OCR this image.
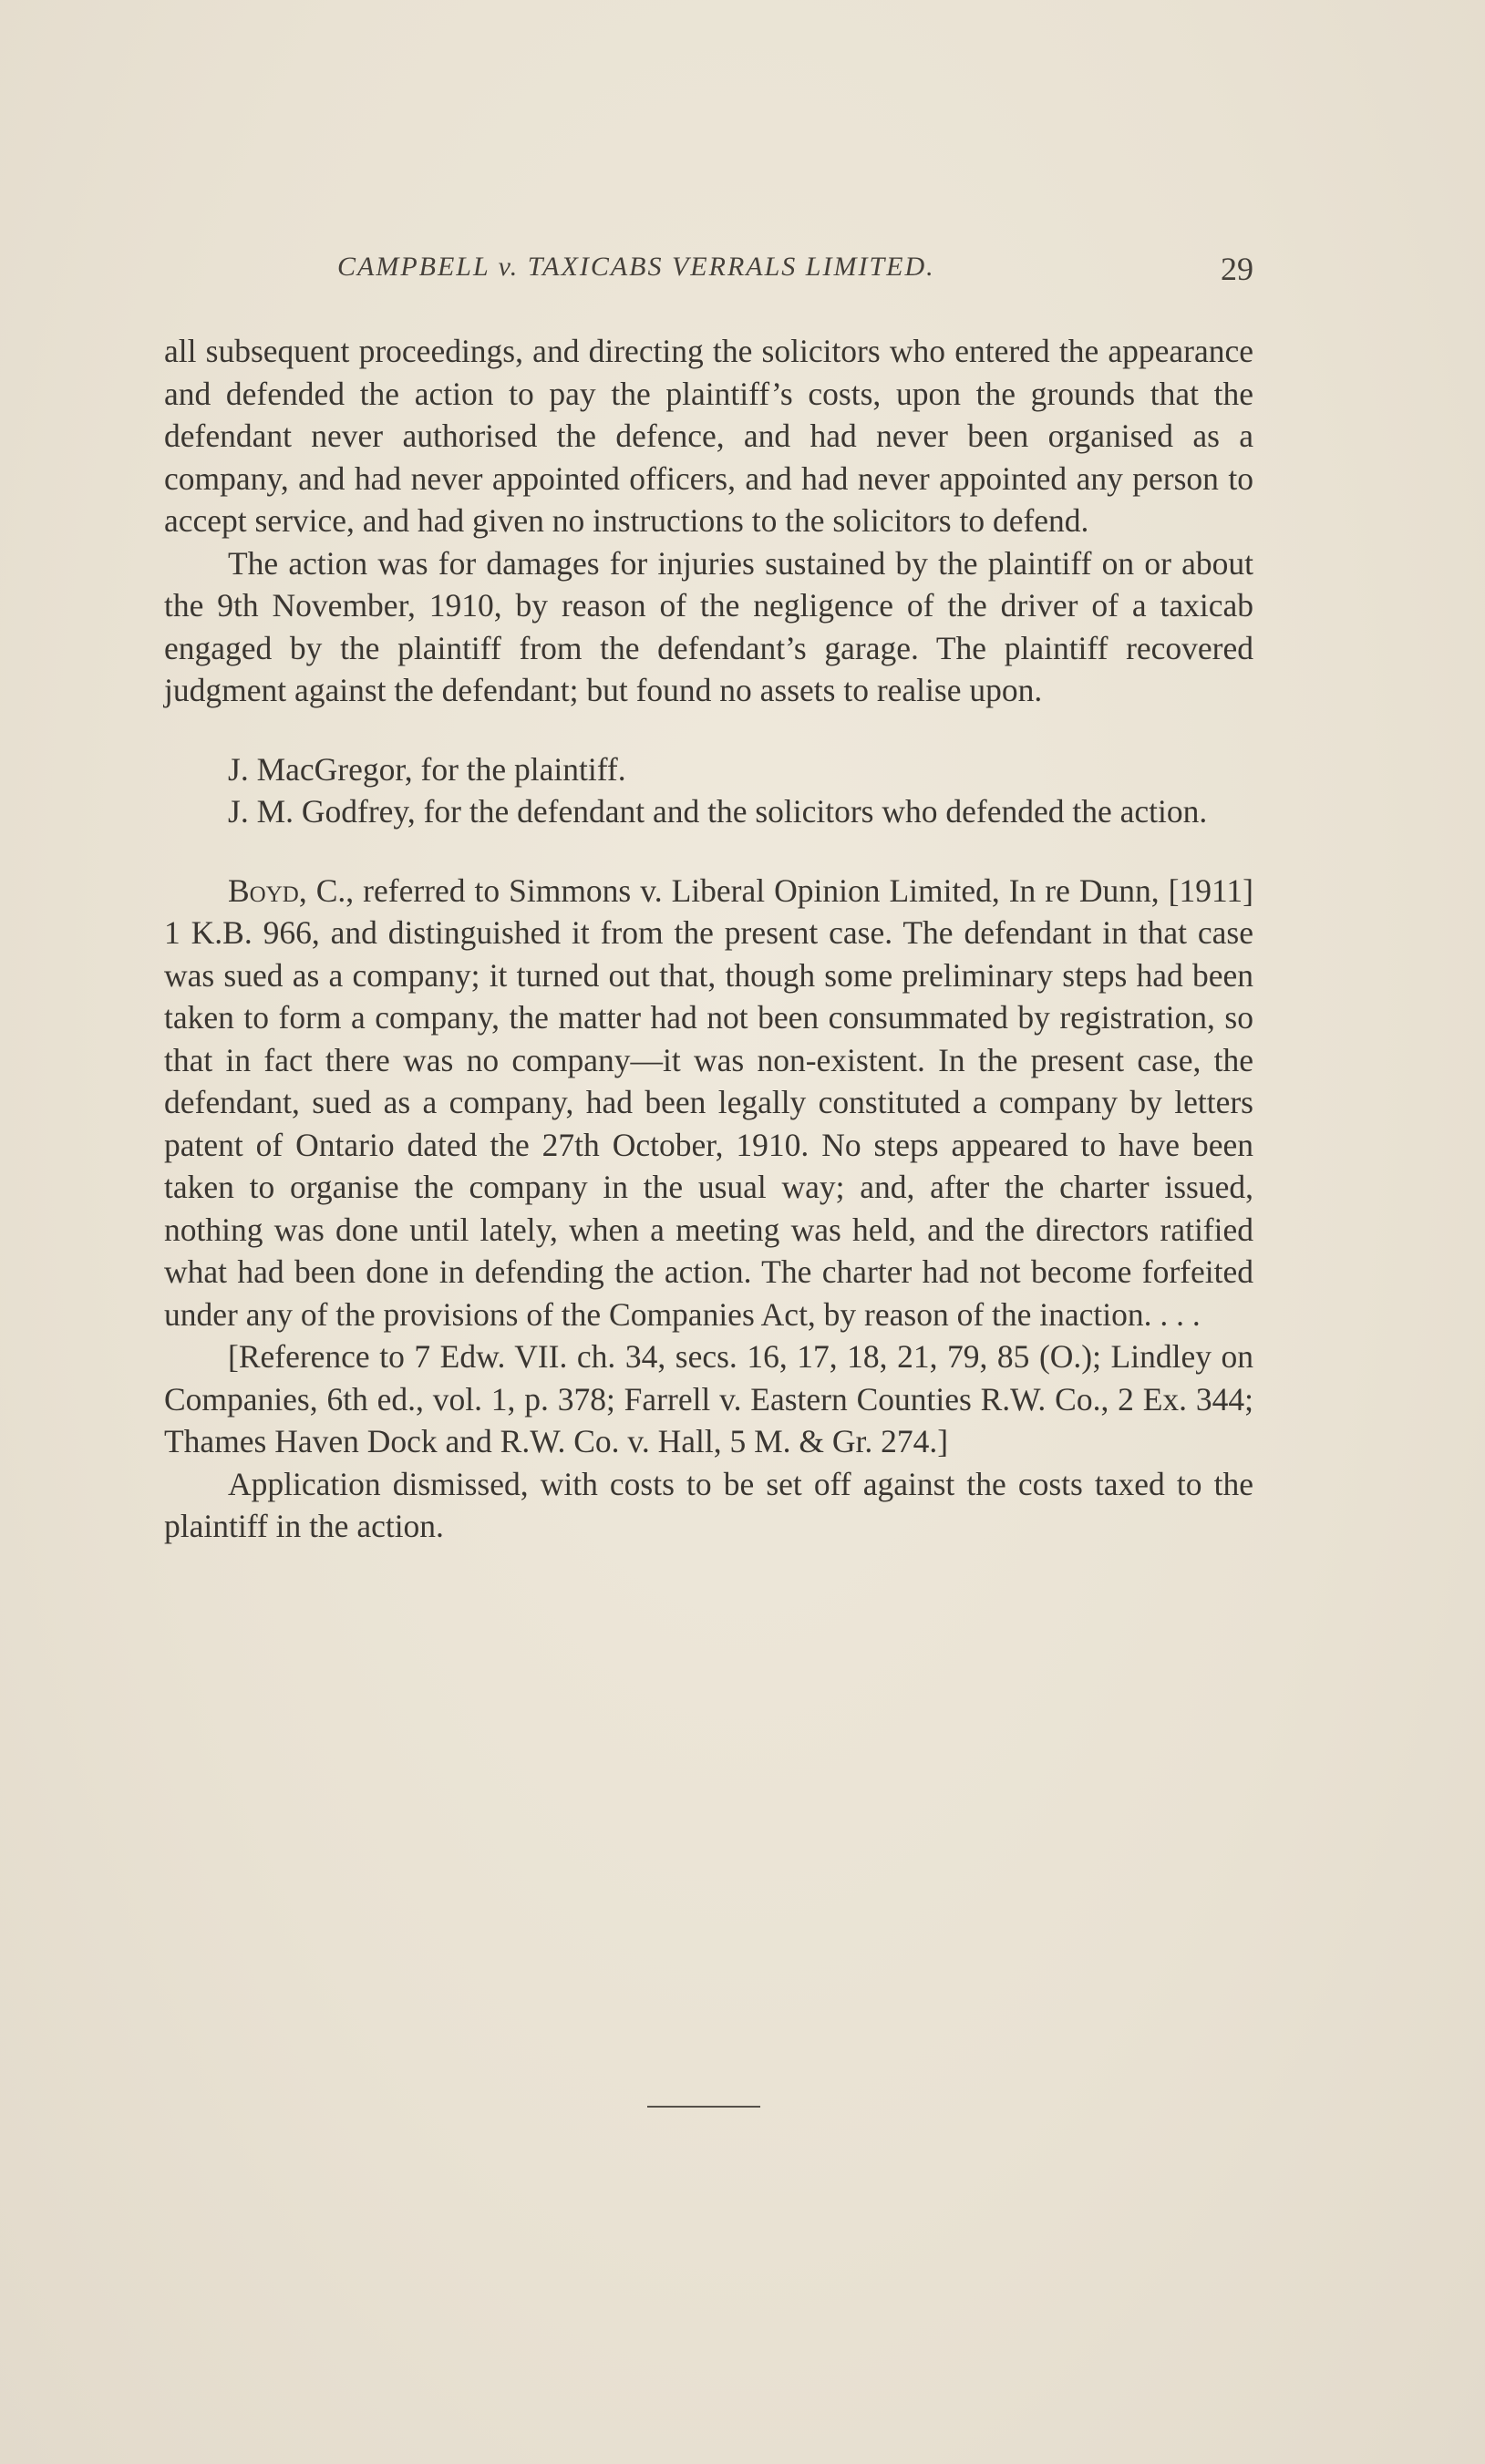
CAMPBELL v. TAXICABS VERRALS LIMITED.	29

all subsequent proceedings, and directing the solicitors who entered the appearance and defended the action to pay the plaintiff’s costs, upon the grounds that the defendant never authorised the defence, and had never been organised as a company, and had never appointed officers, and had never appointed any person to accept service, and had given no instructions to the solicitors to defend.

The action was for damages for injuries sustained by the plaintiff on or about the 9th November, 1910, by reason of the negligence of the driver of a taxicab engaged by the plaintiff from the defendant’s garage. The plaintiff recovered judgment against the defendant; but found no assets to realise upon.

J. MacGregor, for the plaintiff.

J. M. Godfrey, for the defendant and the solicitors who defended the action.

Boyd, C., referred to Simmons v. Liberal Opinion Limited, In re Dunn, [1911] 1 K.B. 966, and distinguished it from the present case. The defendant in that case was sued as a company; it turned out that, though some preliminary steps had been taken to form a company, the matter had not been consummated by registration, so that in fact there was no company—it was non-existent. In the present case, the defendant, sued as a company, had been legally constituted a company by letters patent of Ontario dated the 27th October, 1910. No steps appeared to have been taken to organise the company in the usual way; and, after the charter issued, nothing was done until lately, when a meeting was held, and the directors ratified what had been done in defending the action. The charter had not become forfeited under any of the provisions of the Companies Act, by reason of the inaction. . . .

[Reference to 7 Edw. VII. ch. 34, secs. 16, 17, 18, 21, 79, 85 (O.); Lindley on Companies, 6th ed., vol. 1, p. 378; Farrell v. Eastern Counties R.W. Co., 2 Ex. 344; Thames Haven Dock and R.W. Co. v. Hall, 5 M. & Gr. 274.]

Application dismissed, with costs to be set off against the costs taxed to the plaintiff in the action.
